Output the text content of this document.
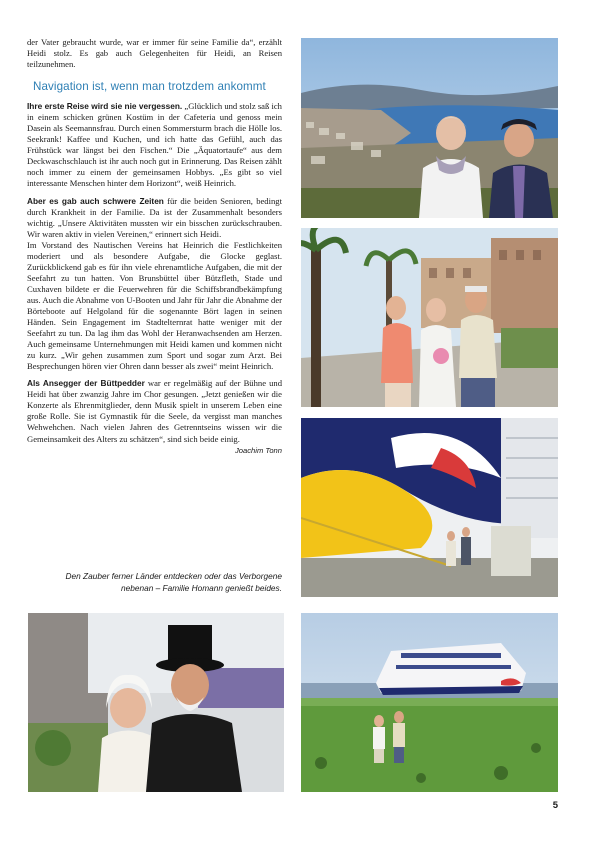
der Vater gebraucht wurde, war er immer für seine Familie da“, erzählt Heidi stolz. Es gab auch Gelegenheiten für Heidi, an Reisen teilzunehmen.

Navigation ist, wenn man trotzdem ankommt

Ihre erste Reise wird sie nie vergessen. „Glücklich und stolz saß ich in einem schicken grünen Kostüm in der Cafeteria und genoss mein Dasein als Seemannsfrau. Durch einen Sommersturm brach die Hölle los. Seekrank! Kaffee und Kuchen, und ich hatte das Gefühl, auch das Frühstück war längst bei den Fischen.“ Die „Äquatortaufe“ aus dem Deckwaschschlauch ist ihr auch noch gut in Erinnerung. Das Reisen zählt noch immer zu einem der gemeinsamen Hobbys. „Es gibt so viel interessante Menschen hinter dem Horizont“, weiß Heinrich.

Aber es gab auch schwere Zeiten für die beiden Senioren, bedingt durch Krankheit in der Familie. Da ist der Zusammenhalt besonders wichtig. „Unsere Aktivitäten mussten wir ein bisschen zurückschrauben. Wir waren aktiv in vielen Vereinen,“ erinnert sich Heidi.

Im Vorstand des Nautischen Vereins hat Heinrich die Festlichkeiten moderiert und als besondere Aufgabe, die Glocke geglast. Zurückblickend gab es für ihn viele ehrenamtliche Aufgaben, die mit der Seefahrt zu tun hatten. Von Brunsbüttel über Bützfleth, Stade und Cuxhaven bildete er die Feuerwehren für die Schiffsbrandbekämpfung aus. Auch die Abnahme von U-Booten und Jahr für Jahr die Abnahme der Börteboote auf Helgoland für die sogenannte Bört lagen in seinen Händen. Sein Engagement im Stadtelternrat hatte weniger mit der Seefahrt zu tun. Da lag ihm das Wohl der Heranwachsenden am Herzen. Auch gemeinsame Unternehmungen mit Heidi kamen und kommen nicht zu kurz. „Wir gehen zusammen zum Sport und sogar zum Arzt. Bei Besprechungen hören vier Ohren dann besser als zwei“ meint Heinrich.

Als Ansegger der Büttpedder war er regelmäßig auf der Bühne und Heidi hat über zwanzig Jahre im Chor gesungen. „Jetzt genießen wir die Konzerte als Ehrenmitglieder, denn Musik spielt in unserem Leben eine große Rolle. Sie ist Gymnastik für die Seele, da vergisst man manches Wehwehchen. Nach vielen Jahren des Getrenntseins wissen wir die Gemeinsamkeit des Alters zu schätzen“, sind sich beide einig.
Joachim Tonn

Den Zauber ferner Länder entdecken oder das Verborgene nebenan – Familie Homann genießt beides.
5
